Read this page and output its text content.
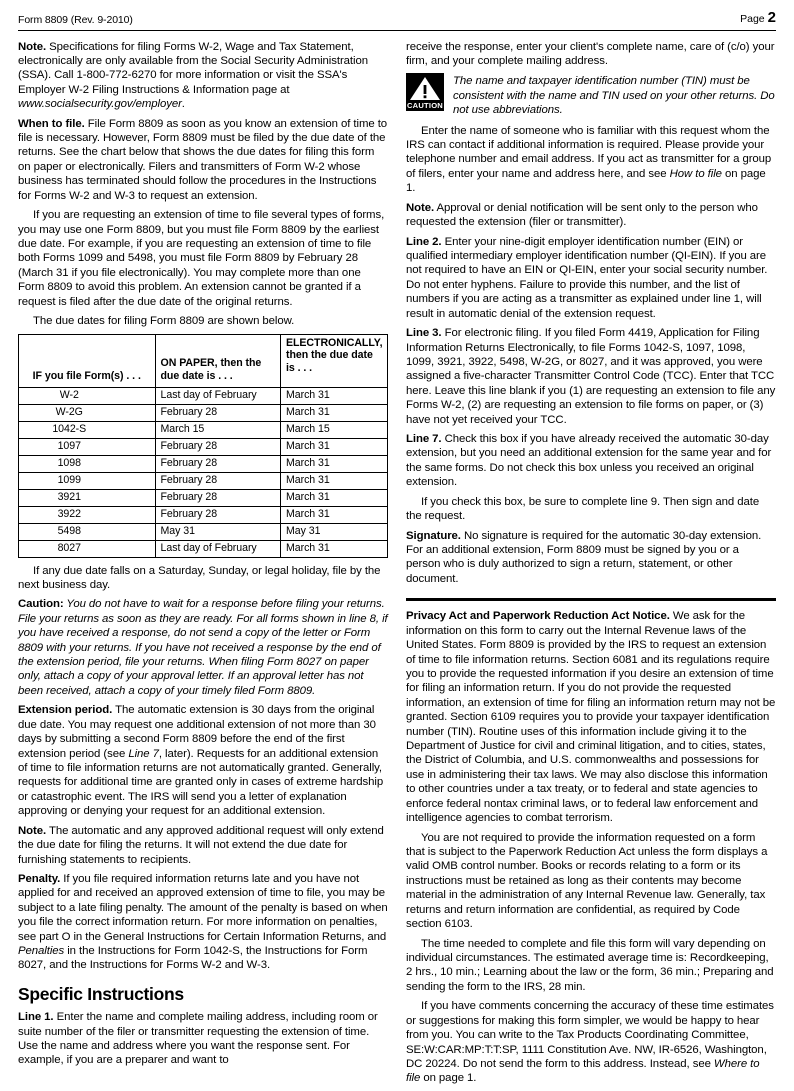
Form 8809 (Rev. 9-2010)	Page 2

Note. Specifications for filing Forms W-2, Wage and Tax Statement, electronically are only available from the Social Security Administration (SSA). Call 1-800-772-6270 for more information or visit the SSA's Employer W-2 Filing Instructions & Information page at www.socialsecurity.gov/employer.

When to file. File Form 8809 as soon as you know an extension of time to file is necessary. However, Form 8809 must be filed by the due date of the returns. See the chart below that shows the due dates for filing this form on paper or electronically. Filers and transmitters of Form W-2 whose business has terminated should follow the procedures in the Instructions for Forms W-2 and W-3 to request an extension.

If you are requesting an extension of time to file several types of forms, you may use one Form 8809, but you must file Form 8809 by the earliest due date. For example, if you are requesting an extension of time to file both Forms 1099 and 5498, you must file Form 8809 by February 28 (March 31 if you file electronically). You may complete more than one Form 8809 to avoid this problem. An extension cannot be granted if a request is filed after the due date of the original returns.

The due dates for filing Form 8809 are shown below.

IF you file Form(s) . . .	ON PAPER, then the due date is . . .	ELECTRONICALLY, then the due date is . . .
W-2	Last day of February	March 31
W-2G	February 28	March 31
1042-S	March 15	March 15
1097	February 28	March 31
1098	February 28	March 31
1099	February 28	March 31
3921	February 28	March 31
3922	February 28	March 31
5498	May 31	May 31
8027	Last day of February	March 31

If any due date falls on a Saturday, Sunday, or legal holiday, file by the next business day.

Caution: You do not have to wait for a response before filing your returns. File your returns as soon as they are ready. For all forms shown in line 8, if you have received a response, do not send a copy of the letter or Form 8809 with your returns. If you have not received a response by the end of the extension period, file your returns. When filing Form 8027 on paper only, attach a copy of your approval letter. If an approval letter has not been received, attach a copy of your timely filed Form 8809.

Extension period. The automatic extension is 30 days from the original due date. You may request one additional extension of not more than 30 days by submitting a second Form 8809 before the end of the first extension period (see Line 7, later). Requests for an additional extension of time to file information returns are not automatically granted. Generally, requests for additional time are granted only in cases of extreme hardship or catastrophic event. The IRS will send you a letter of explanation approving or denying your request for an additional extension.

Note. The automatic and any approved additional request will only extend the due date for filing the returns. It will not extend the due date for furnishing statements to recipients.

Penalty. If you file required information returns late and you have not applied for and received an approved extension of time to file, you may be subject to a late filing penalty. The amount of the penalty is based on when you file the correct information return. For more information on penalties, see part O in the General Instructions for Certain Information Returns, and Penalties in the Instructions for Form 1042-S, the Instructions for Form 8027, and the Instructions for Forms W-2 and W-3.

Specific Instructions

Line 1. Enter the name and complete mailing address, including room or suite number of the filer or transmitter requesting the extension of time. Use the name and address where you want the response sent. For example, if you are a preparer and want to

receive the response, enter your client's complete name, care of (c/o) your firm, and your complete mailing address.

CAUTION
The name and taxpayer identification number (TIN) must be consistent with the name and TIN used on your other returns. Do not use abbreviations.

Enter the name of someone who is familiar with this request whom the IRS can contact if additional information is required. Please provide your telephone number and email address. If you act as transmitter for a group of filers, enter your name and address here, and see How to file on page 1.

Note. Approval or denial notification will be sent only to the person who requested the extension (filer or transmitter).

Line 2. Enter your nine-digit employer identification number (EIN) or qualified intermediary employer identification number (QI-EIN). If you are not required to have an EIN or QI-EIN, enter your social security number. Do not enter hyphens. Failure to provide this number, and the list of numbers if you are acting as a transmitter as explained under line 1, will result in automatic denial of the extension request.

Line 3. For electronic filing. If you filed Form 4419, Application for Filing Information Returns Electronically, to file Forms 1042-S, 1097, 1098, 1099, 3921, 3922, 5498, W-2G, or 8027, and it was approved, you were assigned a five-character Transmitter Control Code (TCC). Enter that TCC here. Leave this line blank if you (1) are requesting an extension to file any Forms W-2, (2) are requesting an extension to file forms on paper, or (3) have not yet received your TCC.

Line 7. Check this box if you have already received the automatic 30-day extension, but you need an additional extension for the same year and for the same forms. Do not check this box unless you received an original extension.

If you check this box, be sure to complete line 9. Then sign and date the request.

Signature. No signature is required for the automatic 30-day extension. For an additional extension, Form 8809 must be signed by you or a person who is duly authorized to sign a return, statement, or other document.

Privacy Act and Paperwork Reduction Act Notice. We ask for the information on this form to carry out the Internal Revenue laws of the United States. Form 8809 is provided by the IRS to request an extension of time to file information returns. Section 6081 and its regulations require you to provide the requested information if you desire an extension of time for filing an information return. If you do not provide the requested information, an extension of time for filing an information return may not be granted. Section 6109 requires you to provide your taxpayer identification number (TIN). Routine uses of this information include giving it to the Department of Justice for civil and criminal litigation, and to cities, states, the District of Columbia, and U.S. commonwealths and possessions for use in administering their tax laws. We may also disclose this information to other countries under a tax treaty, or to federal and state agencies to enforce federal nontax criminal laws, or to federal law enforcement and intelligence agencies to combat terrorism.

You are not required to provide the information requested on a form that is subject to the Paperwork Reduction Act unless the form displays a valid OMB control number. Books or records relating to a form or its instructions must be retained as long as their contents may become material in the administration of any Internal Revenue law. Generally, tax returns and return information are confidential, as required by Code section 6103.

The time needed to complete and file this form will vary depending on individual circumstances. The estimated average time is: Recordkeeping, 2 hrs., 10 min.; Learning about the law or the form, 36 min.; Preparing and sending the form to the IRS, 28 min.

If you have comments concerning the accuracy of these time estimates or suggestions for making this form simpler, we would be happy to hear from you. You can write to the Tax Products Coordinating Committee, SE:W:CAR:MP:T:T:SP, 1111 Constitution Ave. NW, IR-6526, Washington, DC 20224. Do not send the form to this address. Instead, see Where to file on page 1.
